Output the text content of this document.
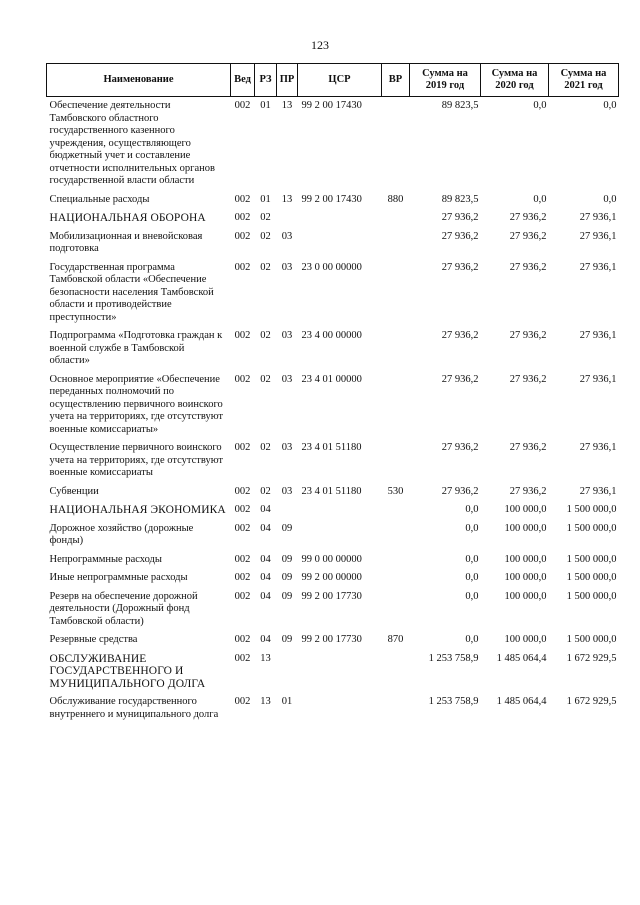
123
Наименование	Вед	РЗ	ПР	ЦСР	ВР	Сумма на 2019 год	Сумма на 2020 год	Сумма на 2021 год
Обеспечение деятельности Тамбовского областного государственного казенного учреждения, осуществляющего бюджетный учет и составление отчетности исполнительных органов государственной власти области	002	01	13	99 2 00 17430		89 823,5	0,0	0,0
Специальные расходы	002	01	13	99 2 00 17430	880	89 823,5	0,0	0,0
НАЦИОНАЛЬНАЯ ОБОРОНА	002	02				27 936,2	27 936,2	27 936,1
Мобилизационная и вневойсковая подготовка	002	02	03			27 936,2	27 936,2	27 936,1
Государственная программа Тамбовской области «Обеспечение безопасности населения Тамбовской области и противодействие преступности»	002	02	03	23 0 00 00000		27 936,2	27 936,2	27 936,1
Подпрограмма «Подготовка граждан к военной службе в Тамбовской области»	002	02	03	23 4 00 00000		27 936,2	27 936,2	27 936,1
Основное мероприятие «Обеспечение переданных полномочий по осуществлению первичного воинского учета на территориях, где отсутствуют военные комиссариаты»	002	02	03	23 4 01 00000		27 936,2	27 936,2	27 936,1
Осуществление первичного воинского учета на территориях, где отсутствуют военные комиссариаты	002	02	03	23 4 01 51180		27 936,2	27 936,2	27 936,1
Субвенции	002	02	03	23 4 01 51180	530	27 936,2	27 936,2	27 936,1
НАЦИОНАЛЬНАЯ ЭКОНОМИКА	002	04				0,0	100 000,0	1 500 000,0
Дорожное хозяйство (дорожные фонды)	002	04	09			0,0	100 000,0	1 500 000,0
Непрограммные расходы	002	04	09	99 0 00 00000		0,0	100 000,0	1 500 000,0
Иные непрограммные расходы	002	04	09	99 2 00 00000		0,0	100 000,0	1 500 000,0
Резерв на обеспечение дорожной деятельности (Дорожный фонд Тамбовской области)	002	04	09	99 2 00 17730		0,0	100 000,0	1 500 000,0
Резервные средства	002	04	09	99 2 00 17730	870	0,0	100 000,0	1 500 000,0
ОБСЛУЖИВАНИЕ ГОСУДАРСТВЕННОГО И МУНИЦИПАЛЬНОГО ДОЛГА	002	13				1 253 758,9	1 485 064,4	1 672 929,5
Обслуживание государственного внутреннего и муниципального долга	002	13	01			1 253 758,9	1 485 064,4	1 672 929,5
